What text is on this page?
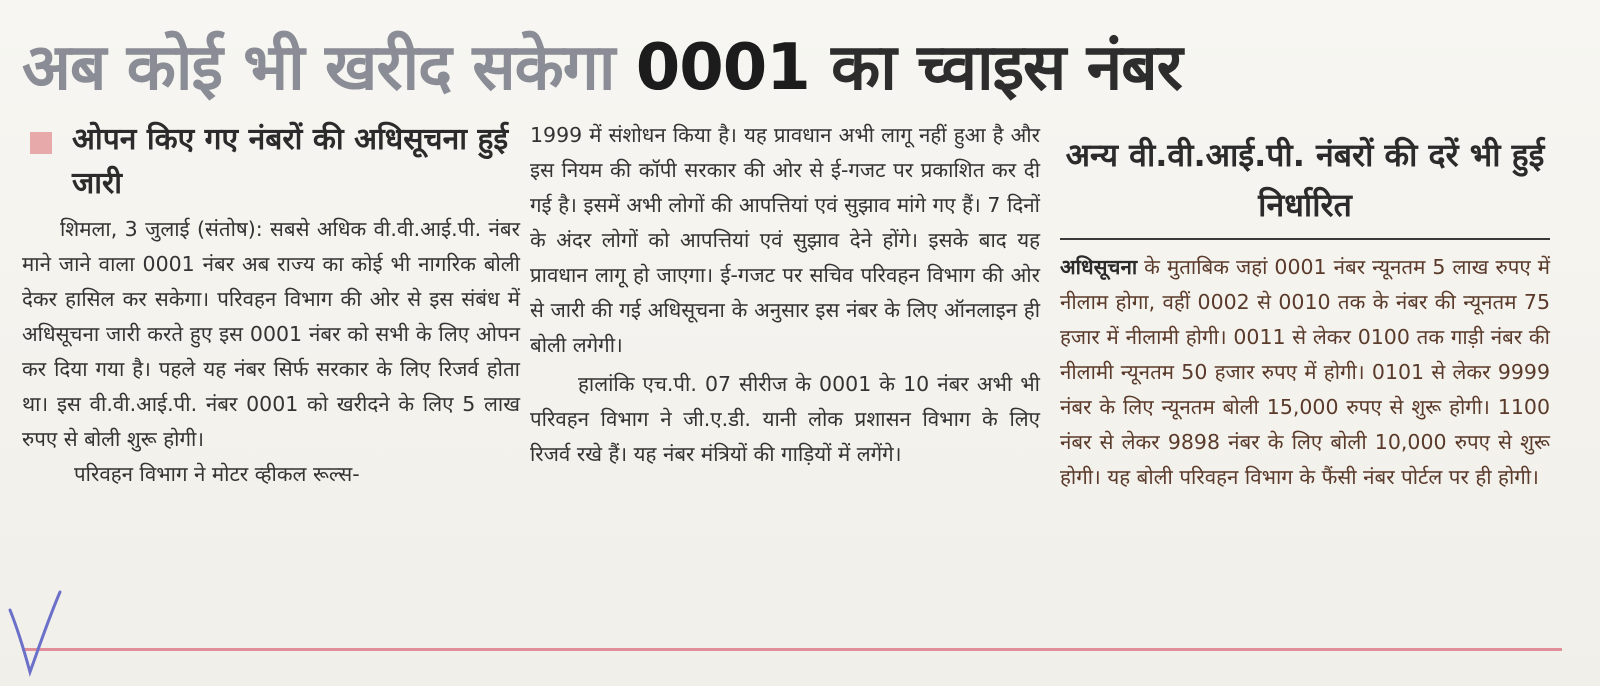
अब कोई भी खरीद सकेगा 0001 का च्वाइस नंबर
ओपन किए गए नंबरों की अधिसूचना हुई जारी

शिमला, 3 जुलाई (संतोष): सबसे अधिक वी.वी.आई.पी. नंबर माने जाने वाला 0001 नंबर अब राज्य का कोई भी नागरिक बोली देकर हासिल कर सकेगा। परिवहन विभाग की ओर से इस संबंध में अधिसूचना जारी करते हुए इस 0001 नंबर को सभी के लिए ओपन कर दिया गया है। पहले यह नंबर सिर्फ सरकार के लिए रिजर्व होता था। इस वी.वी.आई.पी. नंबर 0001 को खरीदने के लिए 5 लाख रुपए से बोली शुरू होगी।

परिवहन विभाग ने मोटर व्हीकल रूल्स-

1999 में संशोधन किया है। यह प्रावधान अभी लागू नहीं हुआ है और इस नियम की कॉपी सरकार की ओर से ई-गजट पर प्रकाशित कर दी गई है। इसमें अभी लोगों की आपत्तियां एवं सुझाव मांगे गए हैं। 7 दिनों के अंदर लोगों को आपत्तियां एवं सुझाव देने होंगे। इसके बाद यह प्रावधान लागू हो जाएगा। ई-गजट पर सचिव परिवहन विभाग की ओर से जारी की गई अधिसूचना के अनुसार इस नंबर के लिए ऑनलाइन ही बोली लगेगी।

हालांकि एच.पी. 07 सीरीज के 0001 के 10 नंबर अभी भी परिवहन विभाग ने जी.ए.डी. यानी लोक प्रशासन विभाग के लिए रिजर्व रखे हैं। यह नंबर मंत्रियों की गाड़ियों में लगेंगे।

अन्य वी.वी.आई.पी. नंबरों की दरें भी हुई निर्धारित

अधिसूचना के मुताबिक जहां 0001 नंबर न्यूनतम 5 लाख रुपए में नीलाम होगा, वहीं 0002 से 0010 तक के नंबर की न्यूनतम 75 हजार में नीलामी होगी। 0011 से लेकर 0100 तक गाड़ी नंबर की नीलामी न्यूनतम 50 हजार रुपए में होगी। 0101 से लेकर 9999 नंबर के लिए न्यूनतम बोली 15,000 रुपए से शुरू होगी। 1100 नंबर से लेकर 9898 नंबर के लिए बोली 10,000 रुपए से शुरू होगी। यह बोली परिवहन विभाग के फैंसी नंबर पोर्टल पर ही होगी।
